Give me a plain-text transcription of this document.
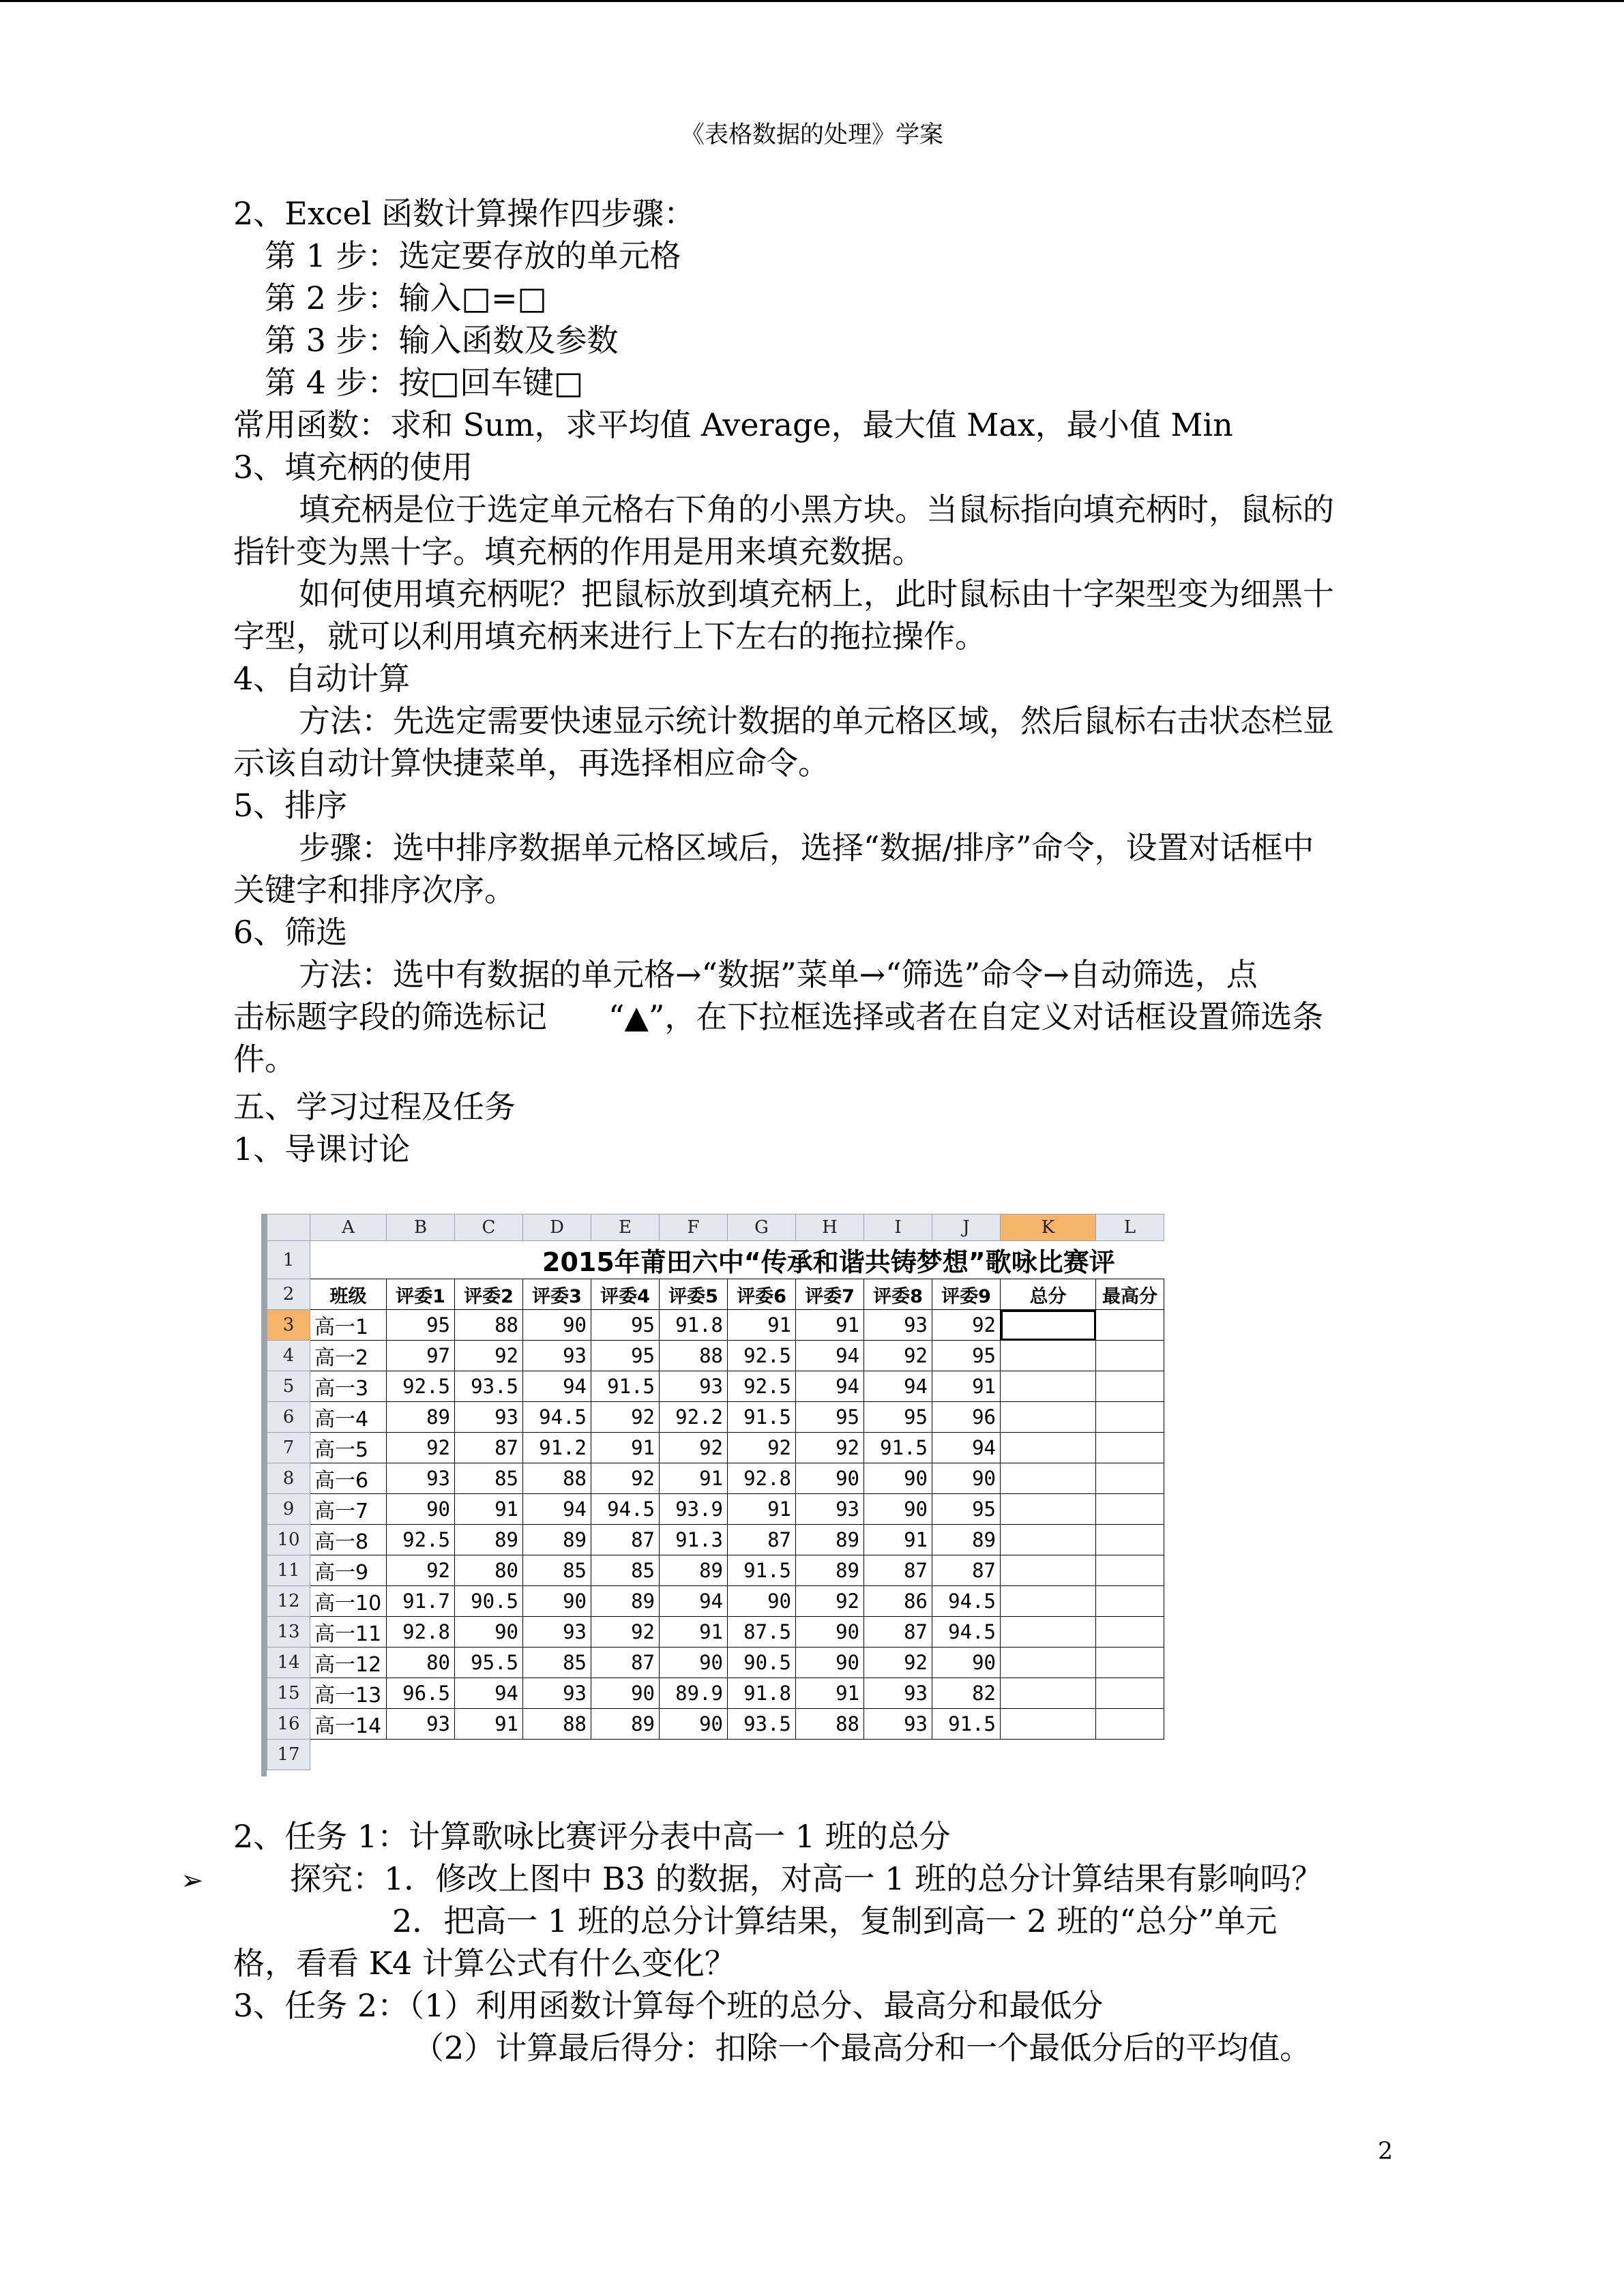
《表格数据的处理》学案
2、Excel 函数计算操作四步骤：
第 1 步：选定要存放的单元格
第 2 步：输入□=□
第 3 步：输入函数及参数
第 4 步：按□回车键□
常用函数：求和 Sum，求平均值 Average，最大值 Max，最小值 Min
3、填充柄的使用
填充柄是位于选定单元格右下角的小黑方块。当鼠标指向填充柄时，鼠标的
指针变为黑十字。填充柄的作用是用来填充数据。
如何使用填充柄呢？把鼠标放到填充柄上，此时鼠标由十字架型变为细黑十
字型，就可以利用填充柄来进行上下左右的拖拉操作。
4、自动计算
方法：先选定需要快速显示统计数据的单元格区域，然后鼠标右击状态栏显
示该自动计算快捷菜单，再选择相应命令。
5、排序
步骤：选中排序数据单元格区域后，选择“数据/排序”命令，设置对话框中
关键字和排序次序。
6、筛选
方法：选中有数据的单元格→“数据”菜单→“筛选”命令→自动筛选，点
击标题字段的筛选标记 “▲”，在下拉框选择或者在自定义对话框设置筛选条
件。
五、学习过程及任务
1、导课讨论
	A	B	C	D	E	F	G	H	I	J	K	L
1	2015年莆田六中“传承和谐共铸梦想”歌咏比赛评											
2	班级	评委1	评委2	评委3	评委4	评委5	评委6	评委7	评委8	评委9	总分	最高分
3	高一1	95	88	90	95	91.8	91	91	93	92		
4	高一2	97	92	93	95	88	92.5	94	92	95		
5	高一3	92.5	93.5	94	91.5	93	92.5	94	94	91		
6	高一4	89	93	94.5	92	92.2	91.5	95	95	96		
7	高一5	92	87	91.2	91	92	92	92	91.5	94		
8	高一6	93	85	88	92	91	92.8	90	90	90		
9	高一7	90	91	94	94.5	93.9	91	93	90	95		
10	高一8	92.5	89	89	87	91.3	87	89	91	89		
11	高一9	92	80	85	85	89	91.5	89	87	87		
12	高一10	91.7	90.5	90	89	94	90	92	86	94.5		
13	高一11	92.8	90	93	92	91	87.5	90	87	94.5		
14	高一12	80	95.5	85	87	90	90.5	90	92	90		
15	高一13	96.5	94	93	90	89.9	91.8	91	93	82		
16	高一14	93	91	88	89	90	93.5	88	93	91.5		
17												
2、任务 1：计算歌咏比赛评分表中高一 1 班的总分
➢	探究：1．修改上图中 B3 的数据，对高一 1 班的总分计算结果有影响吗？
2．把高一 1 班的总分计算结果，复制到高一 2 班的“总分”单元
格，看看 K4 计算公式有什么变化？
3、任务 2：（1）利用函数计算每个班的总分、最高分和最低分
（2）计算最后得分：扣除一个最高分和一个最低分后的平均值。
2
